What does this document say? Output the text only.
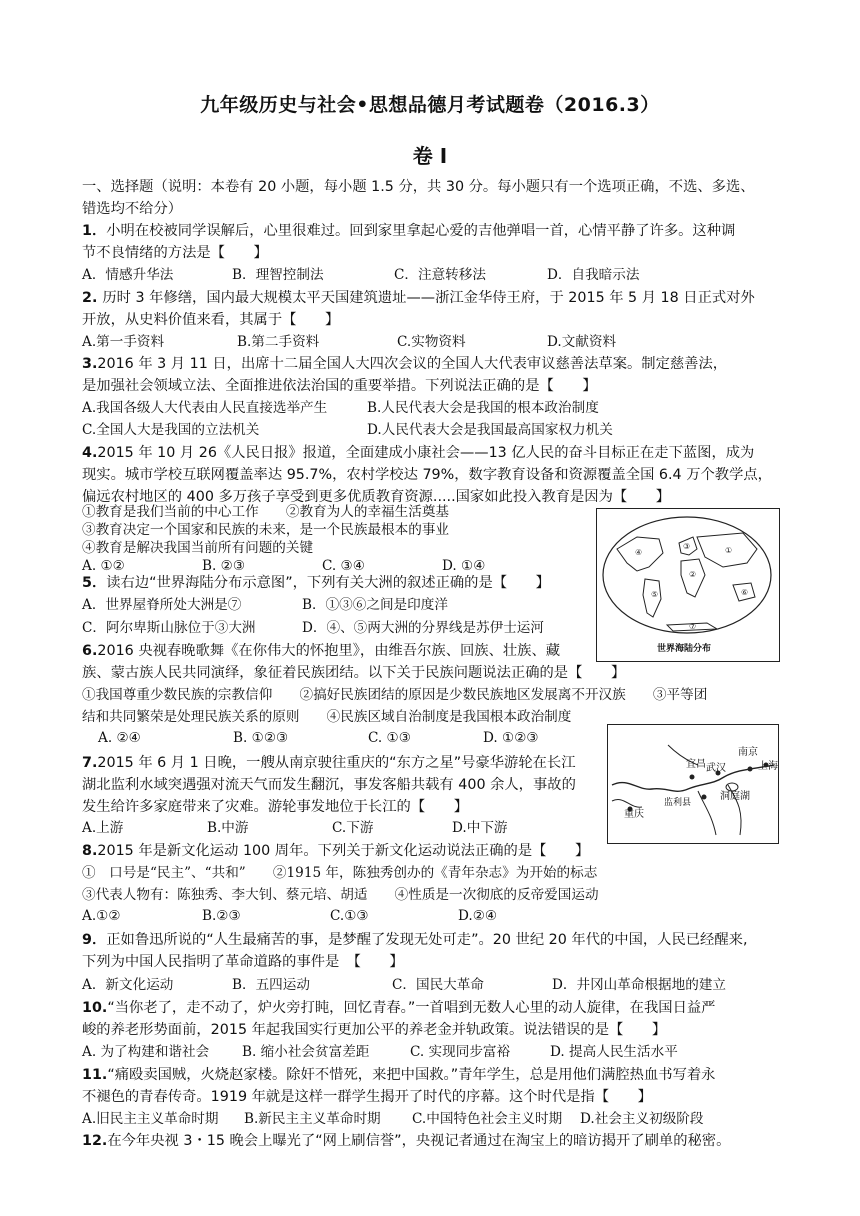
九年级历史与社会•思想品德月考试题卷（2016.3）
卷 Ⅰ
一、选择题（说明：本卷有 20 小题，每小题 1.5 分，共 30 分。每小题只有一个选项正确，不选、多选、
错选均不给分）
1．小明在校被同学误解后，心里很难过。回到家里拿起心爱的吉他弹唱一首，心情平静了许多。这种调
节不良情绪的方法是【　　】
A．情感升华法	B．理智控制法	C．注意转移法	D．自我暗示法
2. 历时 3 年修缮，国内最大规模太平天国建筑遗址——浙江金华侍王府，于 2015 年 5 月 18 日正式对外
开放，从史料价值来看，其属于【　　】
A.第一手资料	B.第二手资料	C.实物资料	D.文献资料
3.2016 年 3 月 11 日，出席十二届全国人大四次会议的全国人大代表审议慈善法草案。制定慈善法，
是加强社会领域立法、全面推进依法治国的重要举措。下列说法正确的是【　　】
A.我国各级人大代表由人民直接选举产生	B.人民代表大会是我国的根本政治制度
C.全国人大是我国的立法机关	D.人民代表大会是我国最高国家权力机关
4.2015 年 10 月 26《人民日报》报道，全面建成小康社会——13 亿人民的奋斗目标正在走下蓝图，成为
现实。城市学校互联网覆盖率达 95.7%，农村学校达 79%，数字教育设备和资源覆盖全国 6.4 万个教学点，
偏远农村地区的 400 多万孩子享受到更多优质教育资源.....国家如此投入教育是因为【　　】
①教育是我们当前的中心工作　　②教育为人的幸福生活奠基
③教育决定一个国家和民族的未来，是一个民族最根本的事业
④教育是解决我国当前所有问题的关键
A. ①②	B. ②③	C. ③④	D. ①④
④
⑤
③
②
①
⑥
⑦
世界海陆分布
5．读右边“世界海陆分布示意图”，下列有关大洲的叙述正确的是【　　】
A．世界屋脊所处大洲是⑦	B．①③⑥之间是印度洋
C．阿尔卑斯山脉位于③大洲	D．④、⑤两大洲的分界线是苏伊士运河
6.2016 央视春晚歌舞《在你伟大的怀抱里》，由维吾尔族、回族、壮族、藏
族、蒙古族人民共同演绎，象征着民族团结。以下关于民族问题说法正确的是【　　】
①我国尊重少数民族的宗教信仰　　②搞好民族团结的原因是少数民族地区发展离不开汉族　　③平等团
结和共同繁荣是处理民族关系的原则　　④民族区域自治制度是我国根本政治制度
A. ②④	B. ①②③	C. ①③	D. ①②③
南京
上海
宜昌 武汉
监利县
洞庭湖
重庆
7.2015 年 6 月 1 日晚，一艘从南京驶往重庆的“东方之星”号豪华游轮在长江
湖北监利水域突遇强对流天气而发生翻沉，事发客船共载有 400 余人，事故的
发生给许多家庭带来了灾难。游轮事发地位于长江的【　　】
A.上游	B.中游	C.下游	D.中下游
8.2015 年是新文化运动 100 周年。下列关于新文化运动说法正确的是【　　】
①　口号是“民主”、“共和”　　②1915 年，陈独秀创办的《青年杂志》为开始的标志
③代表人物有：陈独秀、李大钊、蔡元培、胡适　　④性质是一次彻底的反帝爱国运动
A.①②	B.②③	C.①③	D.②④
9．正如鲁迅所说的“人生最痛苦的事，是梦醒了发现无处可走”。20 世纪 20 年代的中国，人民已经醒来,
下列为中国人民指明了革命道路的事件是　【　　】
A．新文化运动	B．五四运动	C．国民大革命	D．井冈山革命根据地的建立
10.“当你老了，走不动了，炉火旁打盹，回忆青春。”一首唱到无数人心里的动人旋律，在我国日益严
峻的养老形势面前，2015 年起我国实行更加公平的养老金并轨政策。说法错误的是【　　】
A. 为了构建和谐社会 B. 缩小社会贫富差距	C. 实现同步富裕	D. 提高人民生活水平
11.“痛殴卖国贼，火烧赵家楼。除奸不惜死，来把中国救。”青年学生，总是用他们满腔热血书写着永
不褪色的青春传奇。1919 年就是这样一群学生揭开了时代的序幕。这个时代是指【　　】
A.旧民主主义革命时期 B.新民主主义革命时期 C.中国特色社会主义时期 D.社会主义初级阶段
12.在今年央视 3・15 晚会上曝光了“网上刷信誉”，央视记者通过在淘宝上的暗访揭开了刷单的秘密。
